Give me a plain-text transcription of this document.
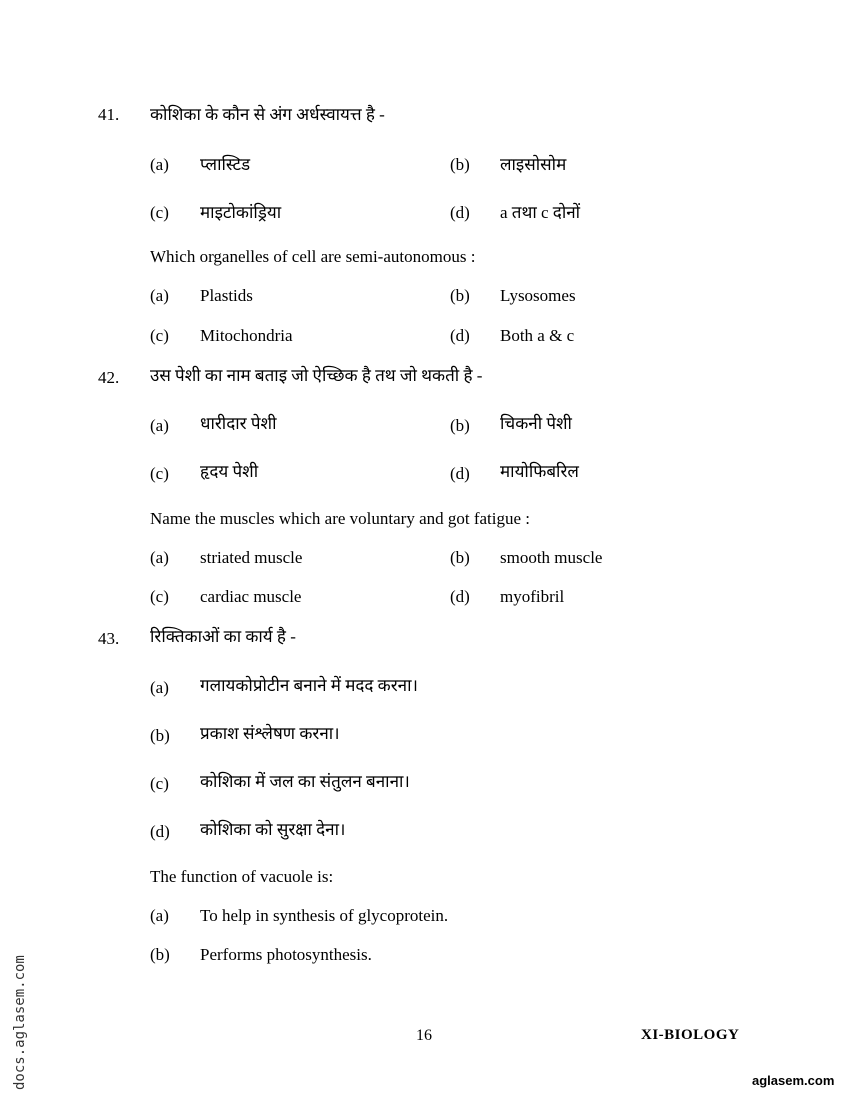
41. कोशिका के कौन से अंग अर्धस्वायत्त है -
(a) प्लास्टिड	(b) लाइसोसोम
(c) माइटोकांड्रिया	(d) a तथा c दोनों
Which organelles of cell are semi-autonomous :
(a) Plastids	(b) Lysosomes
(c) Mitochondria	(d) Both a & c
42. उस पेशी का नाम बताइ जो ऐच्छिक है तथ जो थकती है -
(a) धारीदार पेशी	(b) चिकनी पेशी
(c) हृदय पेशी	(d) मायोफिबरिल
Name the muscles which are voluntary and got fatigue :
(a) striated muscle	(b) smooth muscle
(c) cardiac muscle	(d) myofibril
43. रिक्तिकाओं का कार्य है -
(a) गलायकोप्रोटीन बनाने में मदद करना।
(b) प्रकाश संश्लेषण करना।
(c) कोशिका में जल का संतुलन बनाना।
(d) कोशिका को सुरक्षा देना।
The function of vacuole is:
(a) To help in synthesis of glycoprotein.
(b) Performs photosynthesis.
16	XI-BIOLOGY
aglasem.com
docs.aglasem.com
